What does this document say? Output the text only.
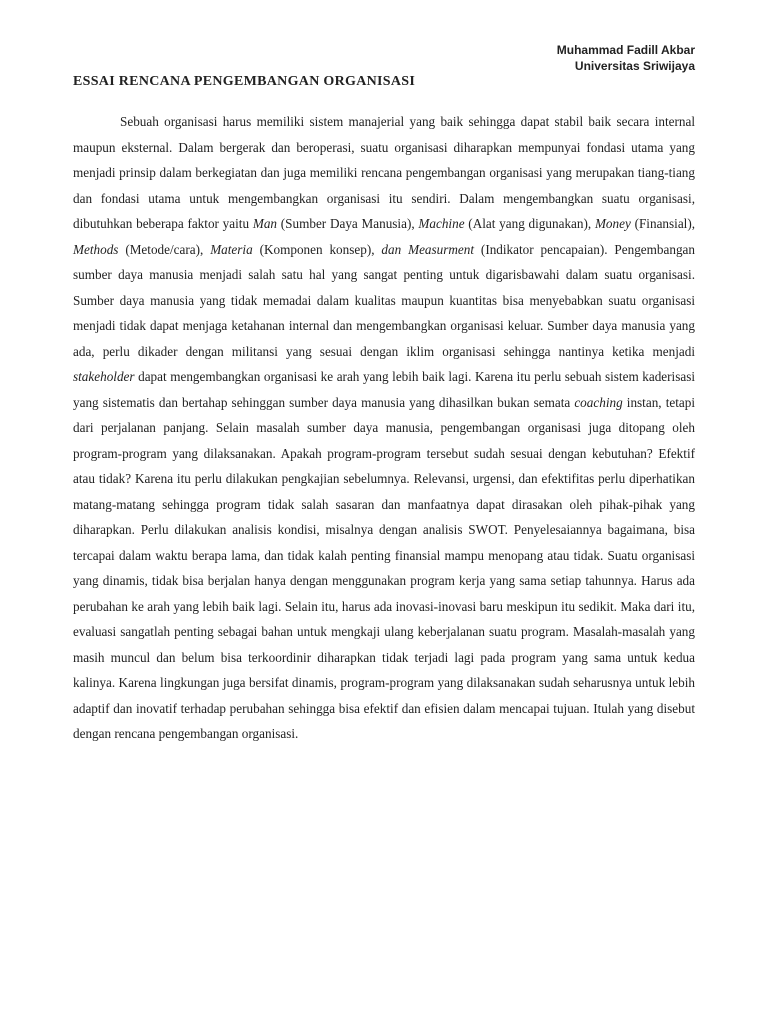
Muhammad Fadill Akbar
Universitas Sriwijaya
ESSAI RENCANA PENGEMBANGAN ORGANISASI

Sebuah organisasi harus memiliki sistem manajerial yang baik sehingga dapat stabil baik secara internal maupun eksternal. Dalam bergerak dan beroperasi, suatu organisasi diharapkan mempunyai fondasi utama yang menjadi prinsip dalam berkegiatan dan juga memiliki rencana pengembangan organisasi yang merupakan tiang-tiang dan fondasi utama untuk mengembangkan organisasi itu sendiri. Dalam mengembangkan suatu organisasi, dibutuhkan beberapa faktor yaitu Man (Sumber Daya Manusia), Machine (Alat yang digunakan), Money (Finansial), Methods (Metode/cara), Materia (Komponen konsep), dan Measurment (Indikator pencapaian). Pengembangan sumber daya manusia menjadi salah satu hal yang sangat penting untuk digarisbawahi dalam suatu organisasi. Sumber daya manusia yang tidak memadai dalam kualitas maupun kuantitas bisa menyebabkan suatu organisasi menjadi tidak dapat menjaga ketahanan internal dan mengembangkan organisasi keluar. Sumber daya manusia yang ada, perlu dikader dengan militansi yang sesuai dengan iklim organisasi sehingga nantinya ketika menjadi stakeholder dapat mengembangkan organisasi ke arah yang lebih baik lagi. Karena itu perlu sebuah sistem kaderisasi yang sistematis dan bertahap sehinggan sumber daya manusia yang dihasilkan bukan semata coaching instan, tetapi dari perjalanan panjang. Selain masalah sumber daya manusia, pengembangan organisasi juga ditopang oleh program-program yang dilaksanakan. Apakah program-program tersebut sudah sesuai dengan kebutuhan? Efektif atau tidak? Karena itu perlu dilakukan pengkajian sebelumnya. Relevansi, urgensi, dan efektifitas perlu diperhatikan matang-matang sehingga program tidak salah sasaran dan manfaatnya dapat dirasakan oleh pihak-pihak yang diharapkan. Perlu dilakukan analisis kondisi, misalnya dengan analisis SWOT. Penyelesaiannya bagaimana, bisa tercapai dalam waktu berapa lama, dan tidak kalah penting finansial mampu menopang atau tidak. Suatu organisasi yang dinamis, tidak bisa berjalan hanya dengan menggunakan program kerja yang sama setiap tahunnya. Harus ada perubahan ke arah yang lebih baik lagi. Selain itu, harus ada inovasi-inovasi baru meskipun itu sedikit. Maka dari itu, evaluasi sangatlah penting sebagai bahan untuk mengkaji ulang keberjalanan suatu program. Masalah-masalah yang masih muncul dan belum bisa terkoordinir diharapkan tidak terjadi lagi pada program yang sama untuk kedua kalinya. Karena lingkungan juga bersifat dinamis, program-program yang dilaksanakan sudah seharusnya untuk lebih adaptif dan inovatif terhadap perubahan sehingga bisa efektif dan efisien dalam mencapai tujuan. Itulah yang disebut dengan rencana pengembangan organisasi.
